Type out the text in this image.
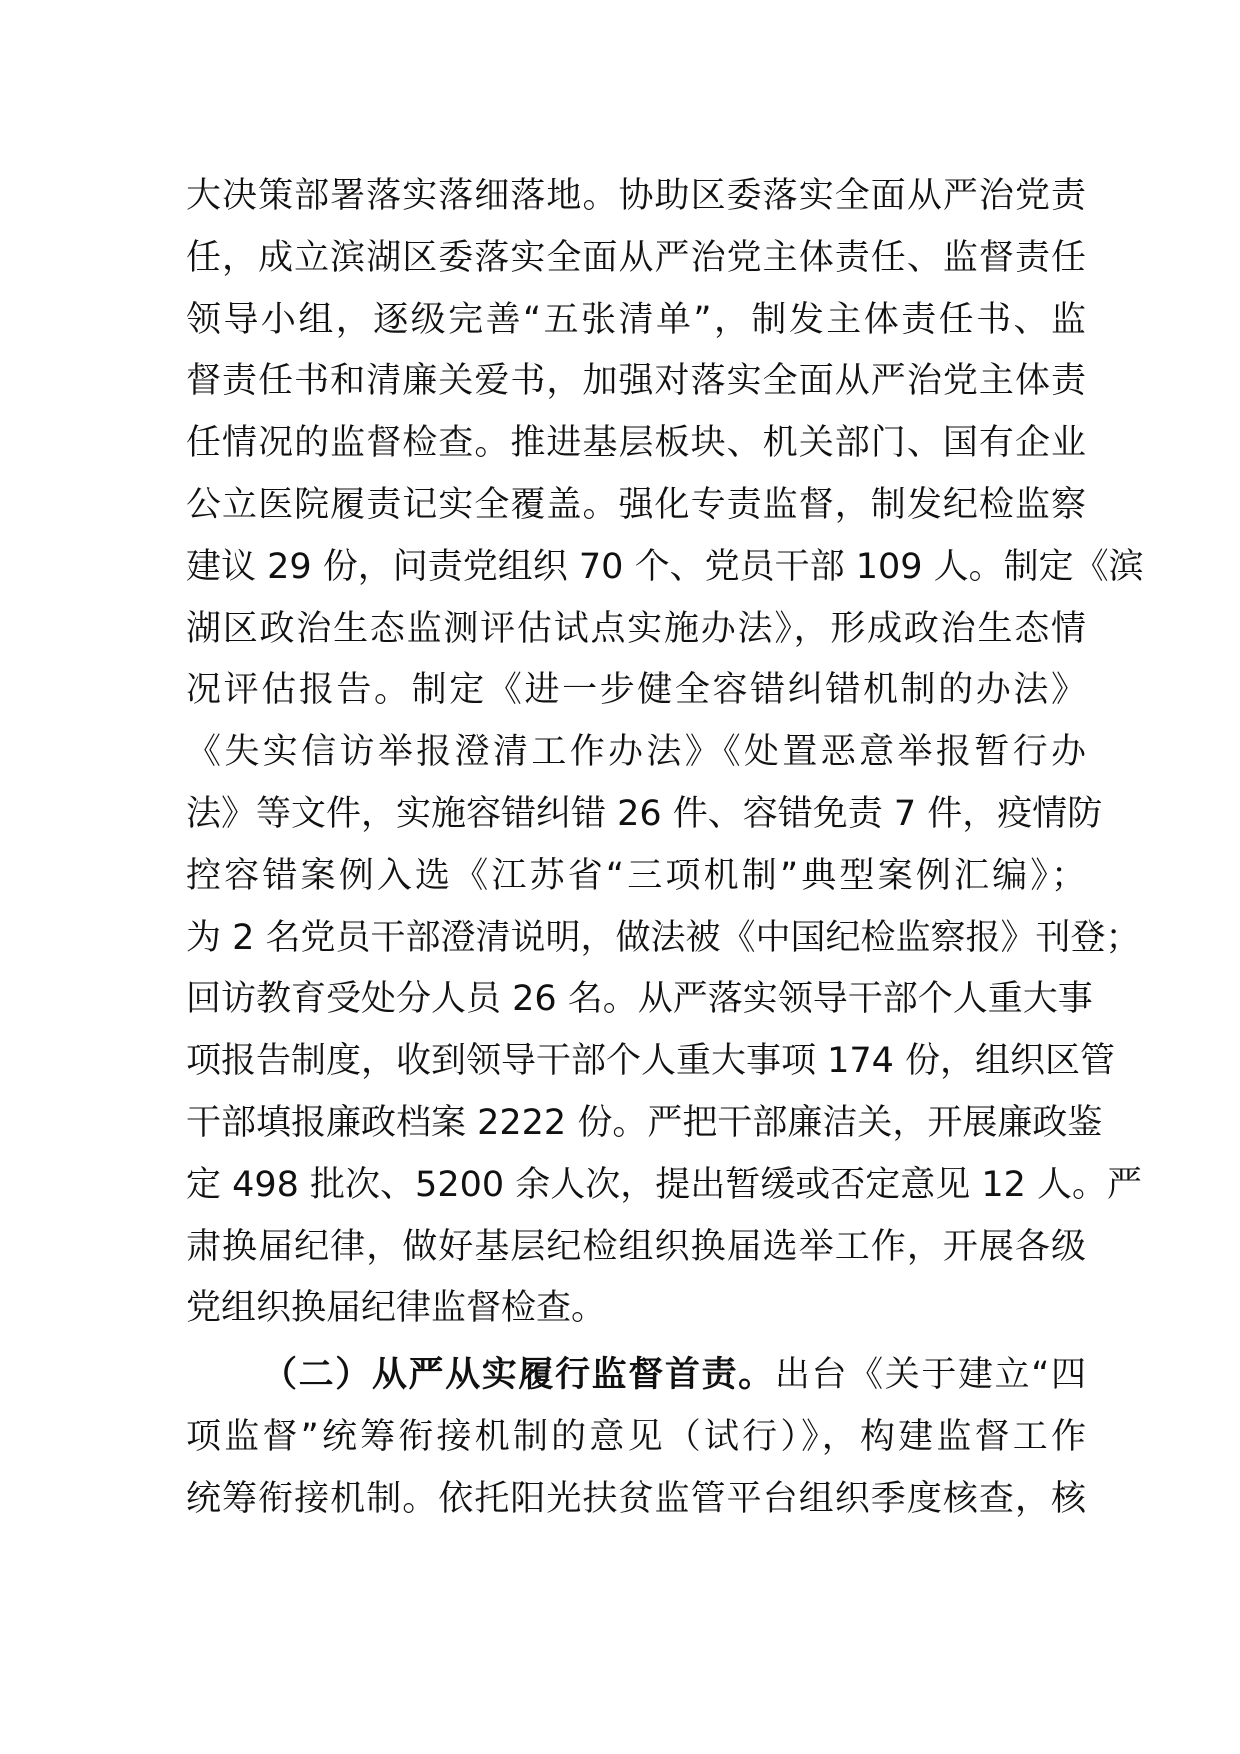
大决策部署落实落细落地。协助区委落实全面从严治党责
任，成立滨湖区委落实全面从严治党主体责任、监督责任
领导小组，逐级完善“五张清单”，制发主体责任书、监
督责任书和清廉关爱书，加强对落实全面从严治党主体责
任情况的监督检查。推进基层板块、机关部门、国有企业
公立医院履责记实全覆盖。强化专责监督，制发纪检监察
建议 29 份，问责党组织 70 个、党员干部 109 人。制定《滨
湖区政治生态监测评估试点实施办法》，形成政治生态情
况评估报告。制定《进一步健全容错纠错机制的办法》
《失实信访举报澄清工作办法》《处置恶意举报暂行办
法》等文件，实施容错纠错 26 件、容错免责 7 件，疫情防
控容错案例入选《江苏省“三项机制”典型案例汇编》；
为 2 名党员干部澄清说明，做法被《中国纪检监察报》刊登；
回访教育受处分人员 26 名。从严落实领导干部个人重大事
项报告制度，收到领导干部个人重大事项 174 份，组织区管
干部填报廉政档案 2222 份。严把干部廉洁关，开展廉政鉴
定 498 批次、5200 余人次，提出暂缓或否定意见 12 人。严
肃换届纪律，做好基层纪检组织换届选举工作，开展各级
党组织换届纪律监督检查。
（二）从严从实履行监督首责。出台《关于建立“四
项监督”统筹衔接机制的意见（试行）》，构建监督工作
统筹衔接机制。依托阳光扶贫监管平台组织季度核查，核
